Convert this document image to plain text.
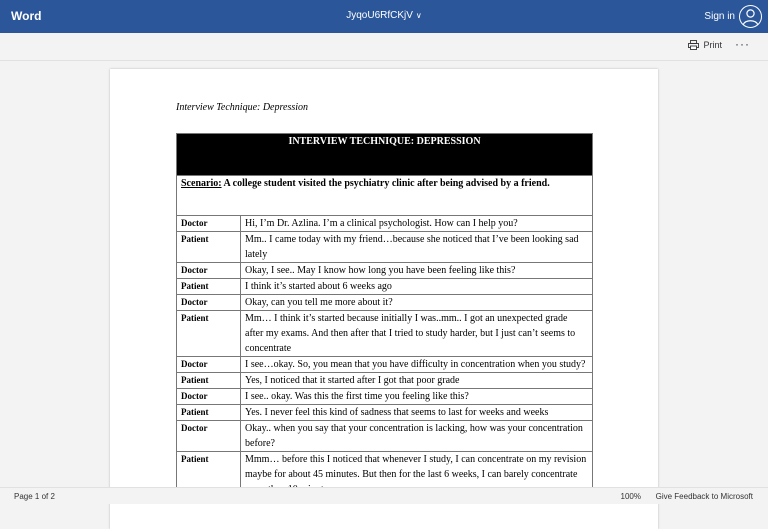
Word	JyqoU6RfCKjV ∨	Sign in
Print ···
Interview Technique: Depression
INTERVIEW TECHNIQUE: DEPRESSION	
Scenario: A college student visited the psychiatry clinic after being advised by a friend.	
Doctor	Hi, I’m Dr. Azlina. I’m a clinical psychologist. How can I help you?
Patient	Mm.. I came today with my friend…because she noticed that I’ve been looking sad lately
Doctor	Okay, I see.. May I know how long you have been feeling like this?
Patient	I think it’s started about 6 weeks ago
Doctor	Okay, can you tell me more about it?
Patient	Mm… I think it’s started because initially I was..mm.. I got an unexpected grade after my exams. And then after that I tried to study harder, but I just can’t seems to concentrate
Doctor	I see…okay. So, you mean that you have difficulty in concentration when you study?
Patient	Yes, I noticed that it started after I got that poor grade
Doctor	I see.. okay. Was this the first time you feeling like this?
Patient	Yes. I never feel this kind of sadness that seems to last for weeks and weeks
Doctor	Okay.. when you say that your concentration is lacking, how was your concentration before?
Patient	Mmm… before this I noticed that whenever I study, I can concentrate on my revision maybe for about 45 minutes. But then for the last 6 weeks, I can barely concentrate
Page 1 of 2	100% Give Feedback to Microsoft
